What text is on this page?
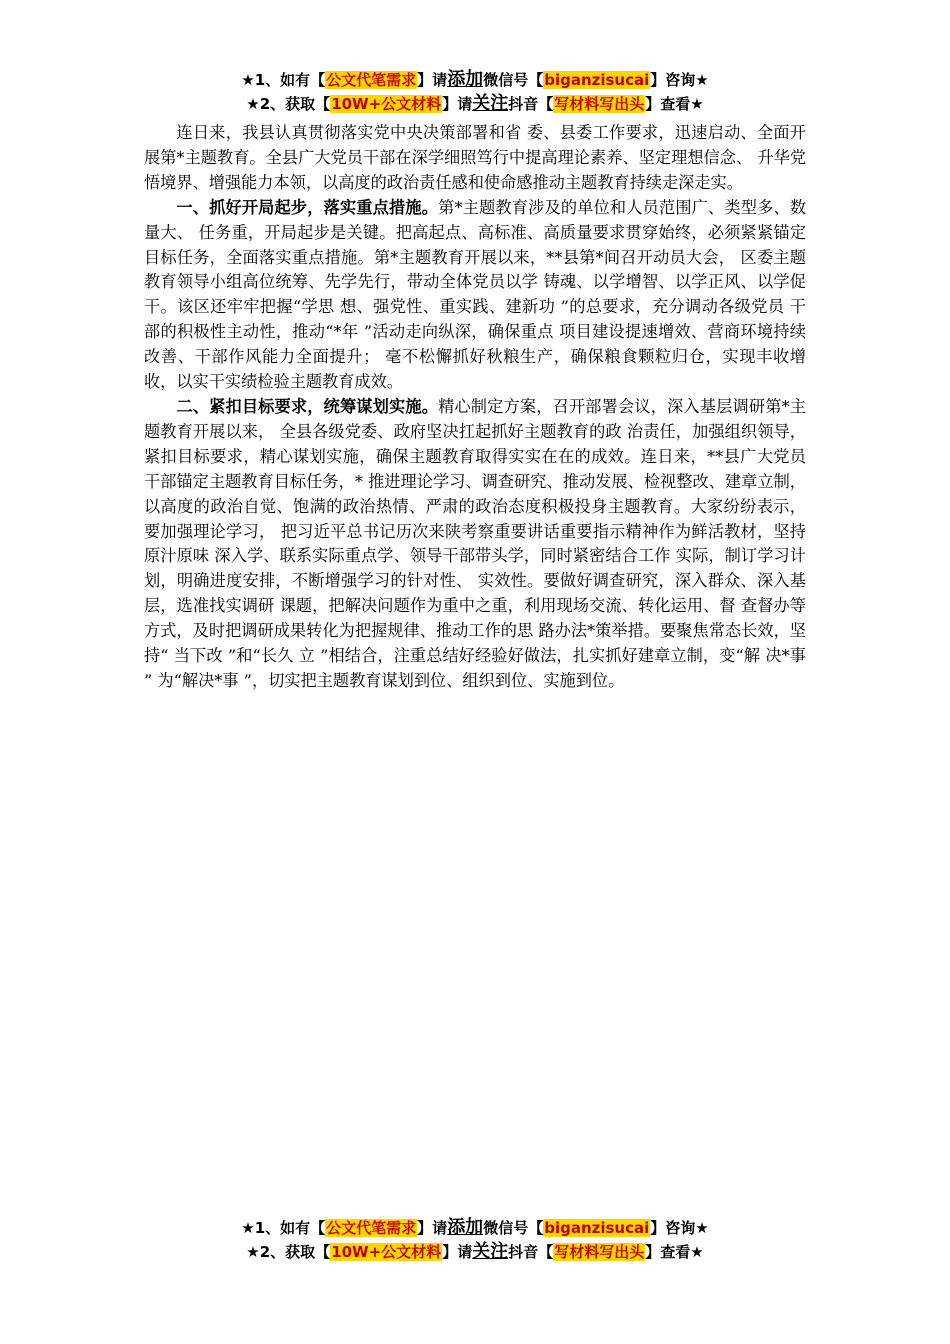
★1、如有【公文代笔需求】请添加微信号【biganzisucai】咨询★
★2、获取【10W+公文材料】请关注抖音【写材料写出头】查看★

连日来，我县认真贯彻落实党中央决策部署和省 委、县委工作要求，迅速启动、全面开展第*主题教育。全县广大党员干部在深学细照笃行中提高理论素养、坚定理想信念、 升华党悟境界、增强能力本领，以高度的政治责任感和使命感推动主题教育持续走深走实。

一、抓好开局起步，落实重点措施。第*主题教育涉及的单位和人员范围广、类型多、数量大、 任务重，开局起步是关键。把高起点、高标准、高质量要求贯穿始终，必须紧紧锚定目标任务，全面落实重点措施。第*主题教育开展以来，**县第*间召开动员大会， 区委主题教育领导小组高位统筹、先学先行，带动全体党员以学 铸魂、以学增智、以学正风、以学促干。该区还牢牢把握“学思 想、强党性、重实践、建新功 ”的总要求，充分调动各级党员 干部的积极性主动性，推动“*年 ”活动走向纵深，确保重点 项目建设提速增效、营商环境持续改善、干部作风能力全面提升； 毫不松懈抓好秋粮生产，确保粮食颗粒归仓，实现丰收增收，以实干实绩检验主题教育成效。

二、紧扣目标要求，统筹谋划实施。精心制定方案，召开部署会议，深入基层调研第*主题教育开展以来， 全县各级党委、政府坚决扛起抓好主题教育的政 治责任，加强组织领导，紧扣目标要求，精心谋划实施，确保主题教育取得实实在在的成效。连日来，**县广大党员干部锚定主题教育目标任务，* 推进理论学习、调查研究、推动发展、检视整改、建章立制，以高度的政治自觉、饱满的政治热情、严肃的政治态度积极投身主题教育。大家纷纷表示，要加强理论学习， 把习近平总书记历次来陕考察重要讲话重要指示精神作为鲜活教材，坚持原汁原味 深入学、联系实际重点学、领导干部带头学，同时紧密结合工作 实际，制订学习计划，明确进度安排，不断增强学习的针对性、 实效性。要做好调查研究，深入群众、深入基层，选准找实调研 课题，把解决问题作为重中之重，利用现场交流、转化运用、督 查督办等方式，及时把调研成果转化为把握规律、推动工作的思 路办法*策举措。要聚焦常态长效，坚持“ 当下改 ”和“长久 立 ”相结合，注重总结好经验好做法，扎实抓好建章立制，变“解 决*事 ” 为“解决*事 ”，切实把主题教育谋划到位、组织到位、实施到位。

★1、如有【公文代笔需求】请添加微信号【biganzisucai】咨询★
★2、获取【10W+公文材料】请关注抖音【写材料写出头】查看★
